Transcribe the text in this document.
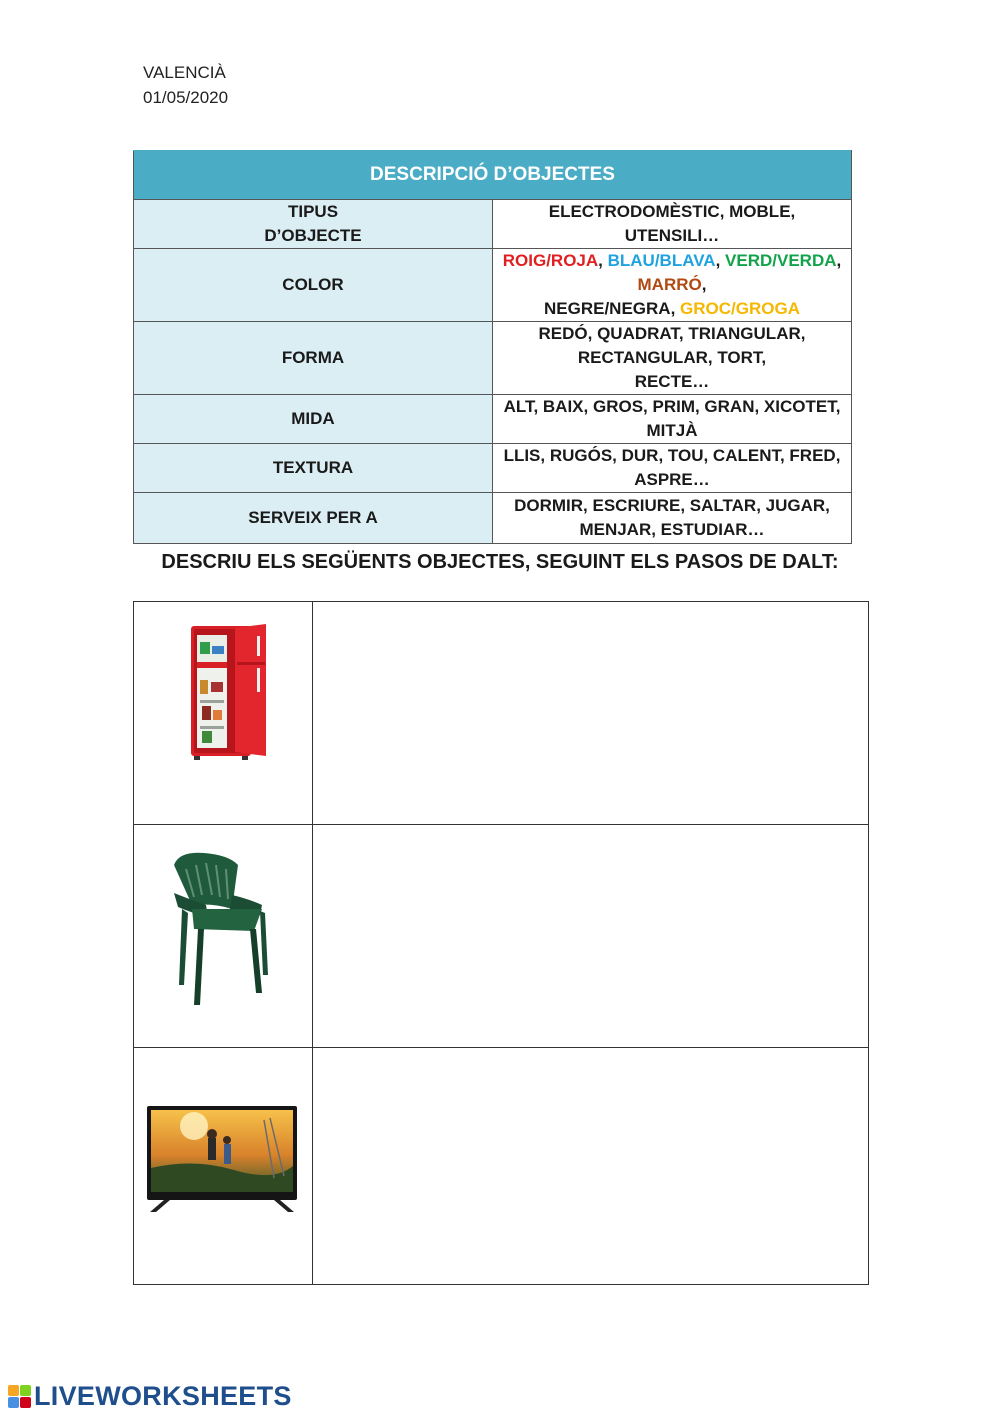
VALENCIÀ
01/05/2020
DESCRIPCIÓ D’OBJECTES	
TIPUS
D’OBJECTE	ELECTRODOMÈSTIC, MOBLE, UTENSILI…
COLOR	ROIG/ROJA, BLAU/BLAVA, VERD/VERDA, MARRÓ,
NEGRE/NEGRA, GROC/GROGA
FORMA	REDÓ, QUADRAT, TRIANGULAR, RECTANGULAR, TORT,
RECTE…
MIDA	ALT, BAIX, GROS, PRIM, GRAN, XICOTET, MITJÀ
TEXTURA	LLIS, RUGÓS, DUR, TOU, CALENT, FRED, ASPRE…
SERVEIX PER A	DORMIR, ESCRIURE, SALTAR, JUGAR, MENJAR, ESTUDIAR…
DESCRIU ELS SEGÜENTS OBJECTES, SEGUINT ELS PASOS DE DALT:

LIVEWORKSHEETS
